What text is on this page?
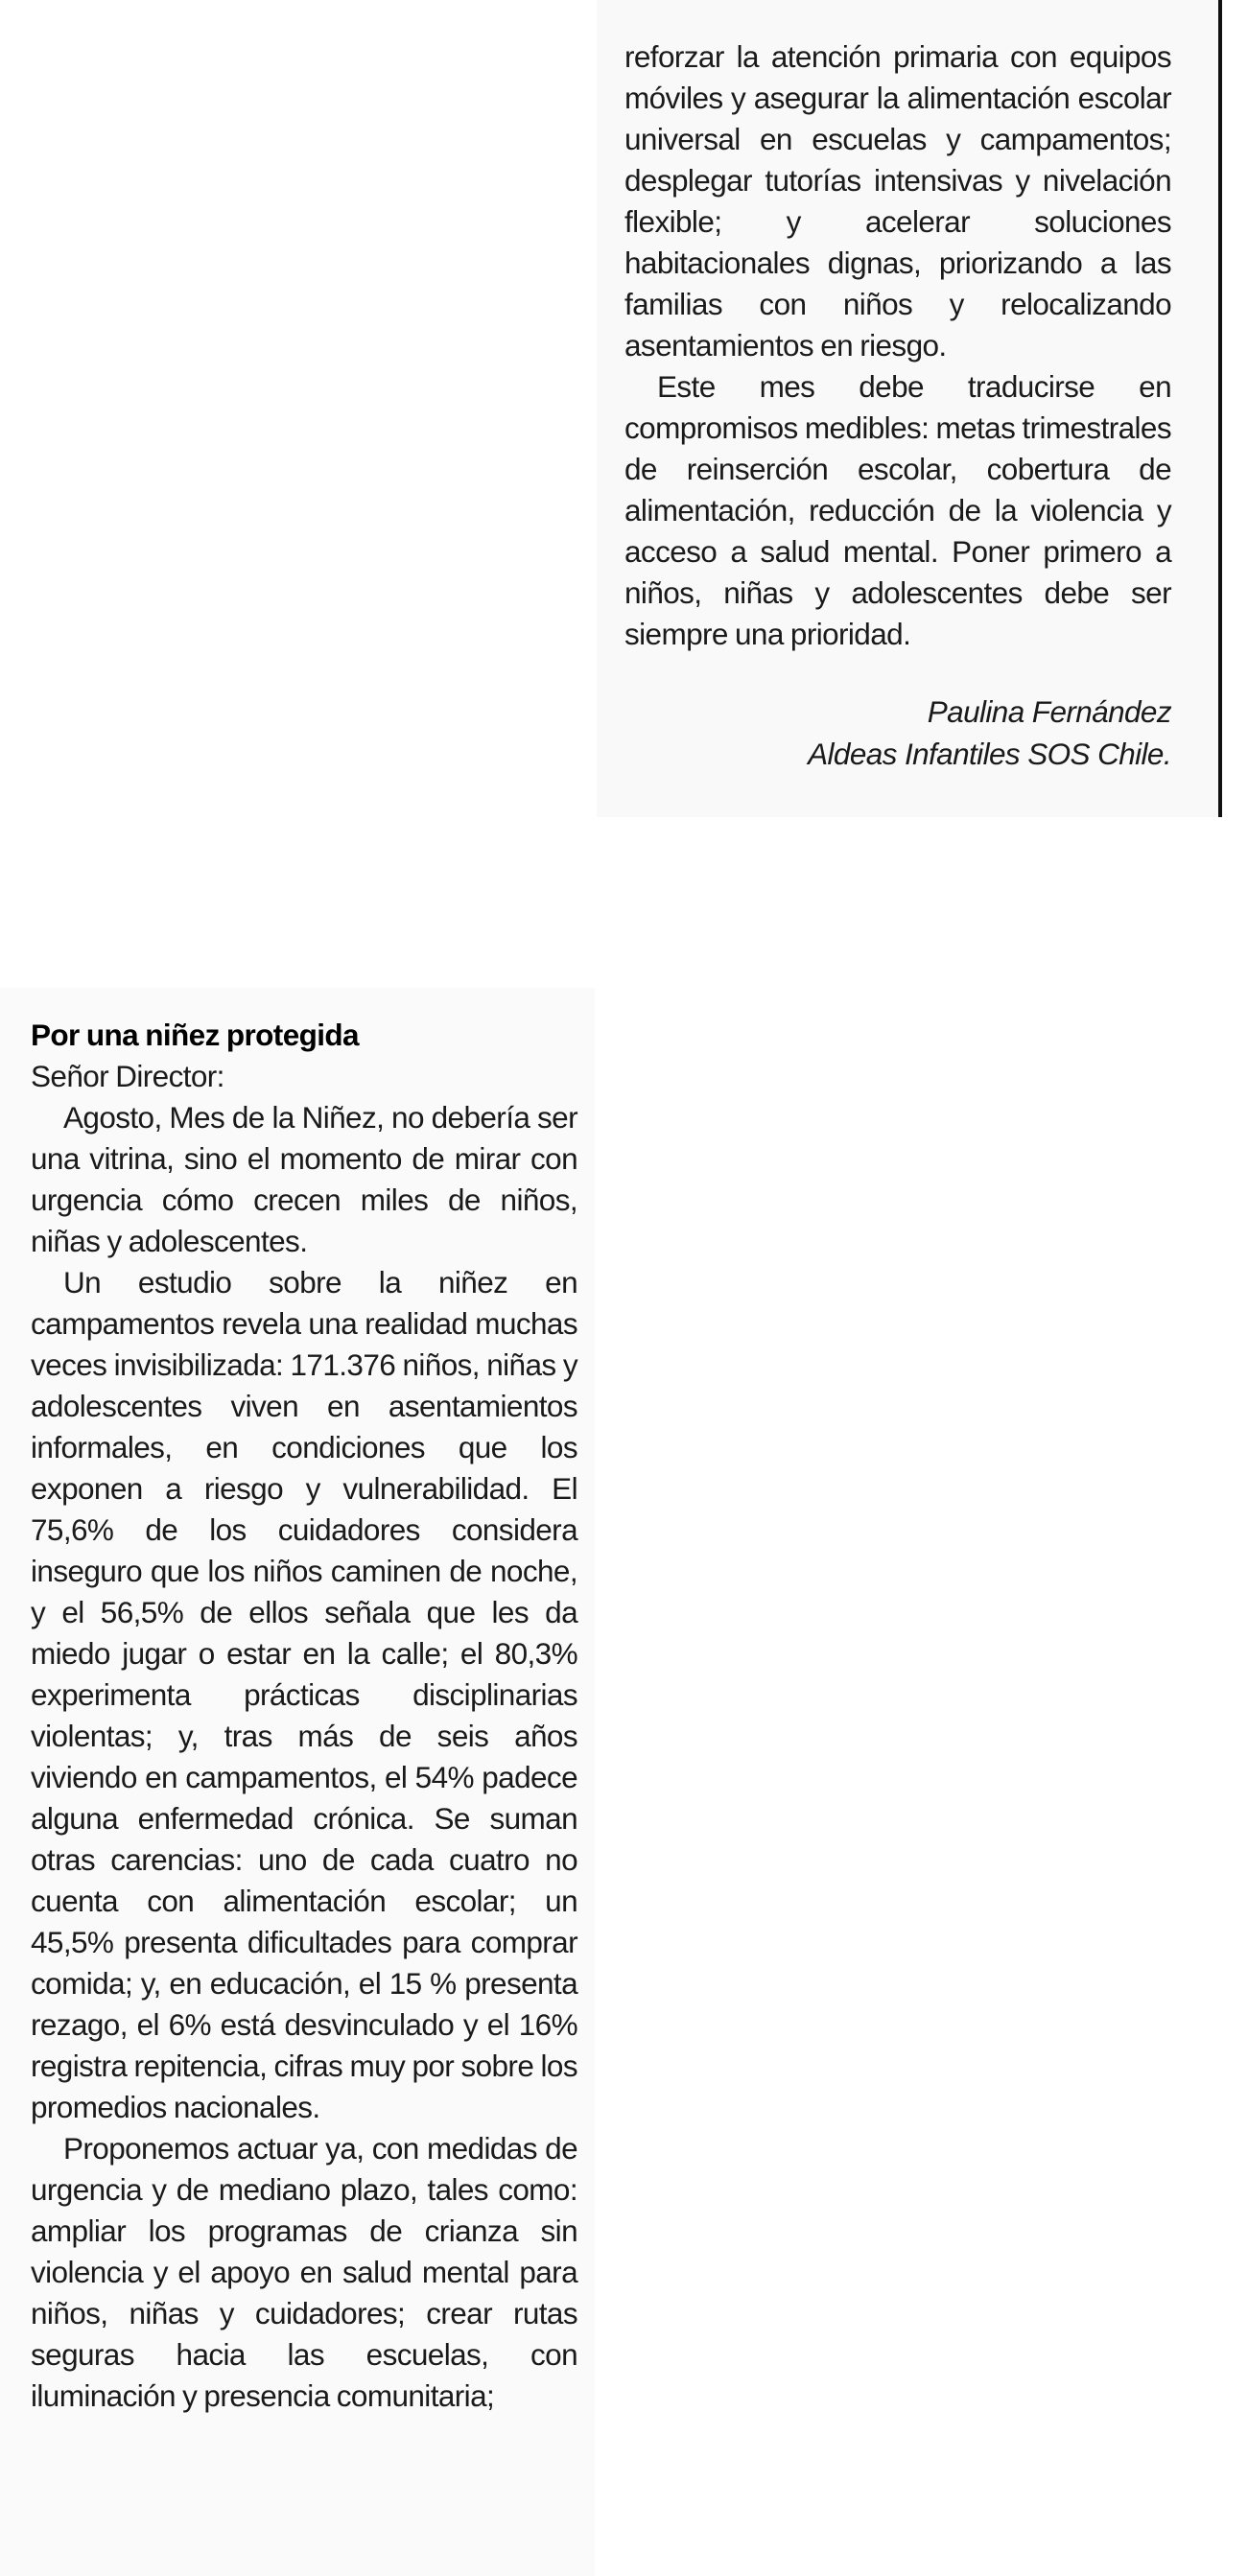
reforzar la atención primaria con equipos móviles y asegurar la alimentación escolar universal en escuelas y campamentos; desplegar tutorías intensivas y nivelación flexible; y acelerar soluciones habitacionales dignas, priorizando a las familias con niños y relocalizando asentamientos en riesgo.

Este mes debe traducirse en compromisos medibles: metas trimestrales de reinserción escolar, cobertura de alimentación, reducción de la violencia y acceso a salud mental. Poner primero a niños, niñas y adolescentes debe ser siempre una prioridad.

Paulina Fernández
Aldeas Infantiles SOS Chile.
Por una niñez protegida

Señor Director:

Agosto, Mes de la Niñez, no debería ser una vitrina, sino el momento de mirar con urgencia cómo crecen miles de niños, niñas y adolescentes.

Un estudio sobre la niñez en campamentos revela una realidad muchas veces invisibilizada: 171.376 niños, niñas y adolescentes viven en asentamientos informales, en condiciones que los exponen a riesgo y vulnerabilidad. El 75,6% de los cuidadores considera inseguro que los niños caminen de noche, y el 56,5% de ellos señala que les da miedo jugar o estar en la calle; el 80,3% experimenta prácticas disciplinarias violentas; y, tras más de seis años viviendo en campamentos, el 54% padece alguna enfermedad crónica. Se suman otras carencias: uno de cada cuatro no cuenta con alimentación escolar; un 45,5% presenta dificultades para comprar comida; y, en educación, el 15 % presenta rezago, el 6% está desvinculado y el 16% registra repitencia, cifras muy por sobre los promedios nacionales.

Proponemos actuar ya, con medidas de urgencia y de mediano plazo, tales como: ampliar los programas de crianza sin violencia y el apoyo en salud mental para niños, niñas y cuidadores; crear rutas seguras hacia las escuelas, con iluminación y presencia comunitaria;
